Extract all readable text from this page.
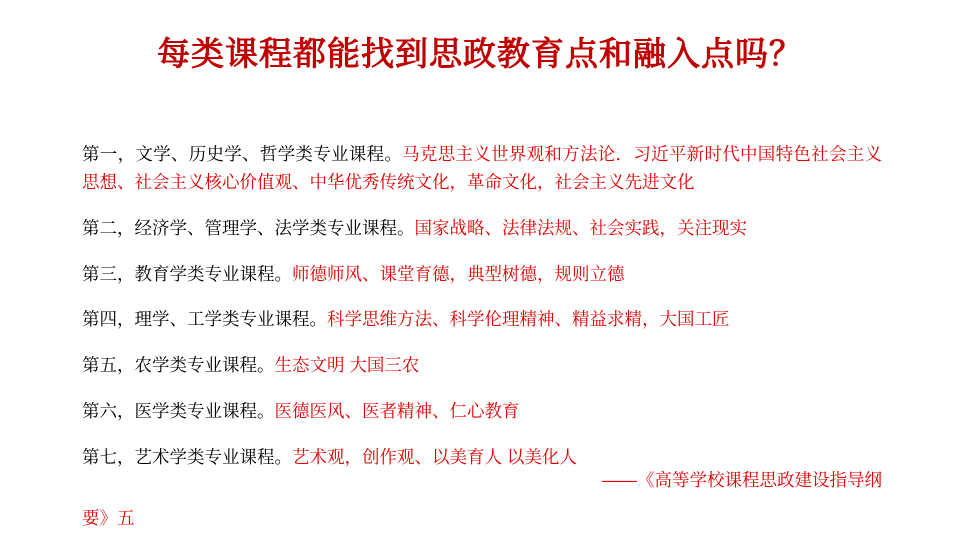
每类课程都能找到思政教育点和融入点吗？

第一，文学、历史学、哲学类专业课程。马克思主义世界观和方法论．习近平新时代中国特色社会主义思想、社会主义核心价值观、中华优秀传统文化，革命文化，社会主义先进文化

第二，经济学、管理学、法学类专业课程。国家战略、法律法规、社会实践，关注现实

第三，教育学类专业课程。师德师风、课堂育德，典型树德，规则立德

第四，理学、工学类专业课程。科学思维方法、科学伦理精神、精益求精，大国工匠

第五，农学类专业课程。生态文明 大国三农

第六，医学类专业课程。医德医风、医者精神、仁心教育

第七，艺术学类专业课程。艺术观，创作观、以美育人 以美化人

——《高等学校课程思政建设指导纲
要》五
